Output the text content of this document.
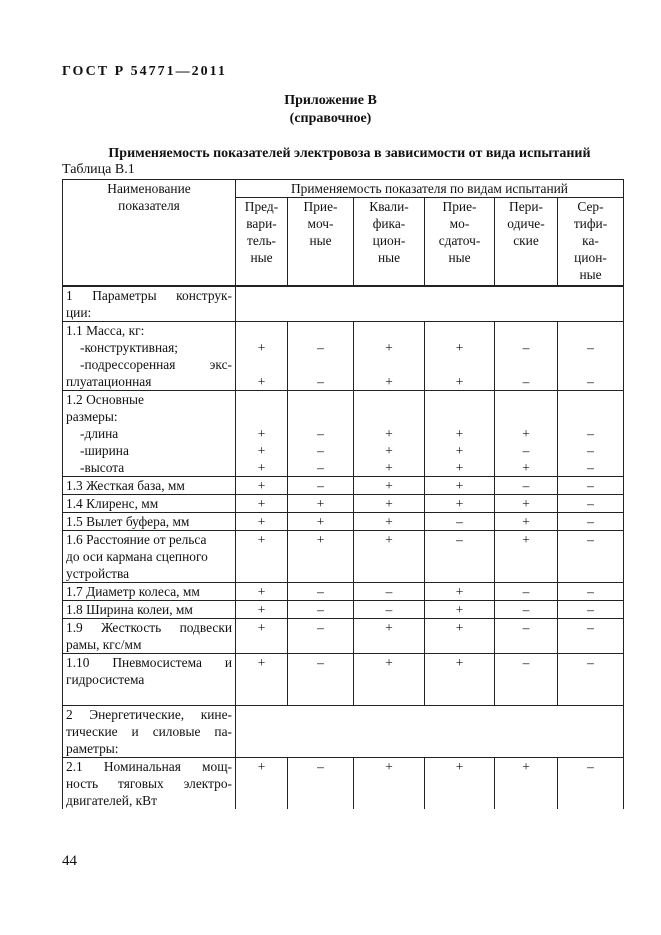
ГОСТ Р 54771—2011
Приложение В
(справочное)
Применяемость показателей электровоза в зависимости от вида испытаний
Таблица В.1
Наименование
показателя	Применяемость показателя по видам испытаний					

	Пред-
вари-
тель-
ные	Прие-
моч-
ные	Квали-
фика-
цион-
ные	Прие-
мо-
сдаточ-
ные	Пери-
одиче-
ские	Сер-
тифи-
ка-
цион-
ные

1 Параметры конструк-
ции:						

1.1 Масса, кг:
-конструктивная;
-подрессоренная экс-
плуатационная	+
+	–
–	+
+	+
+	–
–	–
–

1.2 Основные
размеры:
-длина
-ширина
-высота	+
+
+	–
–
–	+
+
+	+
+
+	+
–
+	–
–
–

1.3 Жесткая база, мм	+	–	+	+	–	–

1.4 Клиренс, мм	+	+	+	+	+	–

1.5 Вылет буфера, мм	+	+	+	–	+	–

1.6 Расстояние от рельса
до оси кармана сцепного
устройства	+	+	+	–	+	–

1.7 Диаметр колеса, мм	+	–	–	+	–	–

1.8 Ширина колеи, мм	+	–	–	+	–	–

1.9 Жесткость подвески
рамы, кгс/мм	+	–	+	+	–	–

1.10 Пневмосистема и
гидросистема	+	–	+	+	–	–

2 Энергетические, кине-
тические и силовые па-
раметры:						

2.1 Номинальная мощ-
ность тяговых электро-
двигателей, кВт	+	–	+	+	+	–
44
